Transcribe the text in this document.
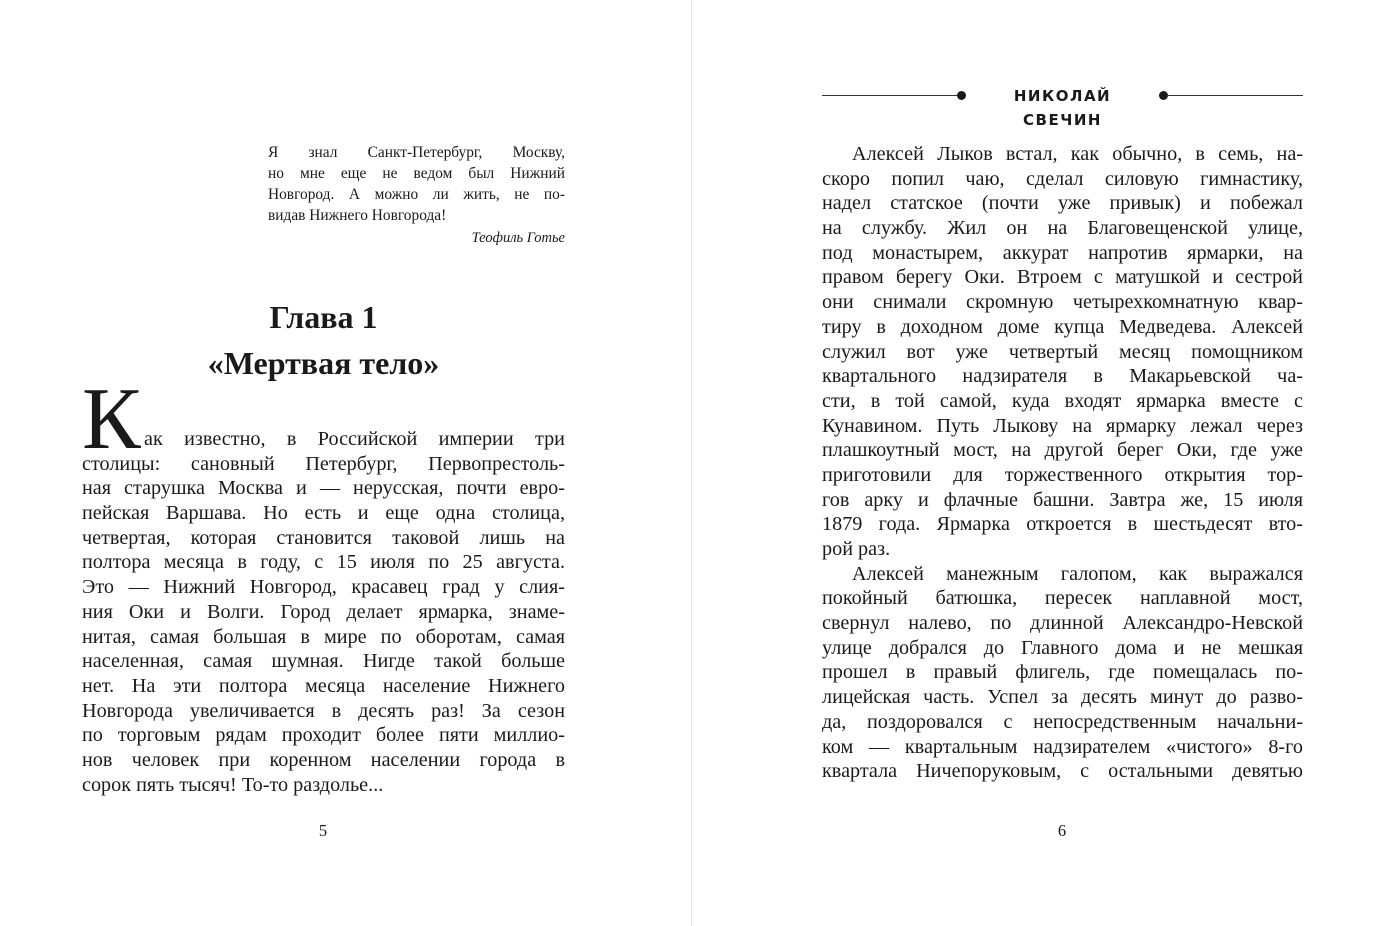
Я знал Санкт-Петербург, Москву,
но мне еще не ведом был Нижний
Новгород. А можно ли жить, не по-
видав Нижнего Новгорода!
Теофиль Готье
Глава 1
«Мертвая тело»
К ак известно, в Российской империи три
столицы: сановный Петербург, Первопрестоль-
ная старушка Москва и — нерусская, почти евро-
пейская Варшава. Но есть и еще одна столица,
четвертая, которая становится таковой лишь на
полтора месяца в году, с 15 июля по 25 августа.
Это — Нижний Новгород, красавец град у слия-
ния Оки и Волги. Город делает ярмарка, знаме-
нитая, самая большая в мире по оборотам, самая
населенная, самая шумная. Нигде такой больше
нет. На эти полтора месяца население Нижнего
Новгорода увеличивается в десять раз! За сезон
по торговым рядам проходит более пяти миллио-
нов человек при коренном населении города в
сорок пять тысяч! То-то раздолье...
5
НИКОЛАЙ СВЕЧИН
Алексей Лыков встал, как обычно, в семь, на-
скоро попил чаю, сделал силовую гимнастику,
надел статское (почти уже привык) и побежал
на службу. Жил он на Благовещенской улице,
под монастырем, аккурат напротив ярмарки, на
правом берегу Оки. Втроем с матушкой и сестрой
они снимали скромную четырехкомнатную квар-
тиру в доходном доме купца Медведева. Алексей
служил вот уже четвертый месяц помощником
квартального надзирателя в Макарьевской ча-
сти, в той самой, куда входят ярмарка вместе с
Кунавином. Путь Лыкову на ярмарку лежал через
плашкоутный мост, на другой берег Оки, где уже
приготовили для торжественного открытия тор-
гов арку и флачные башни. Завтра же, 15 июля
1879 года. Ярмарка откроется в шестьдесят вто-
рой раз.
Алексей манежным галопом, как выражался
покойный батюшка, пересек наплавной мост,
свернул налево, по длинной Александро-Невской
улице добрался до Главного дома и не мешкая
прошел в правый флигель, где помещалась по-
лицейская часть. Успел за десять минут до разво-
да, поздоровался с непосредственным начальни-
ком — квартальным надзирателем «чистого» 8-го
квартала Ничепоруковым, с остальными девятью
6
